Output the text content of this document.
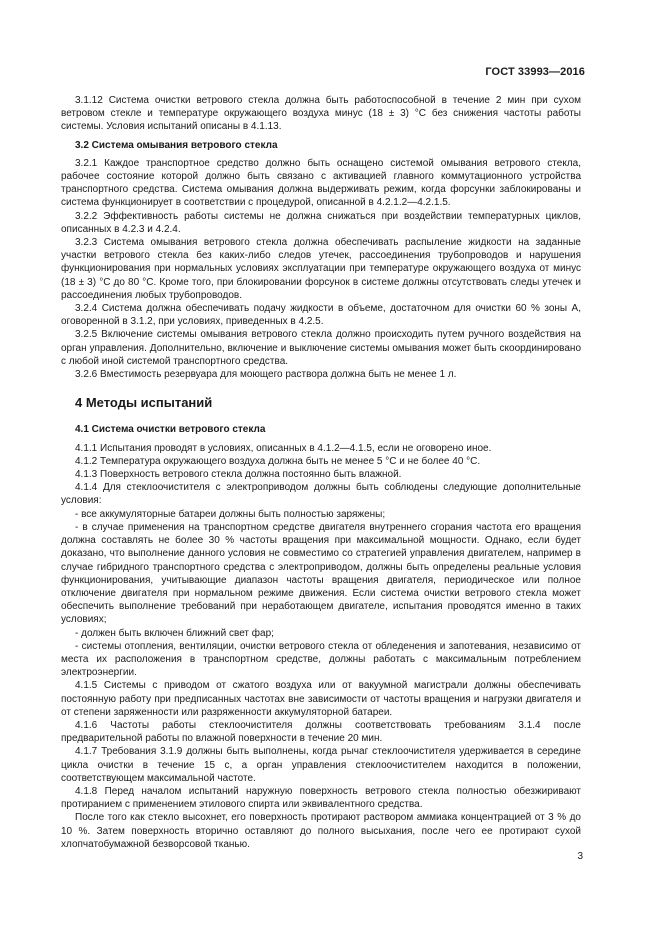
ГОСТ 33993—2016

3.1.12 Система очистки ветрового стекла должна быть работоспособной в течение 2 мин при сухом ветровом стекле и температуре окружающего воздуха минус (18 ± 3) °С без снижения частоты работы системы. Условия испытаний описаны в 4.1.13.

3.2 Система омывания ветрового стекла

3.2.1 Каждое транспортное средство должно быть оснащено системой омывания ветрового стекла, рабочее состояние которой должно быть связано с активацией главного коммутационного устройства транспортного средства. Система омывания должна выдерживать режим, когда форсунки заблокированы и система функционирует в соответствии с процедурой, описанной в 4.2.1.2—4.2.1.5.

3.2.2 Эффективность работы системы не должна снижаться при воздействии температурных циклов, описанных в 4.2.3 и 4.2.4.

3.2.3 Система омывания ветрового стекла должна обеспечивать распыление жидкости на заданные участки ветрового стекла без каких-либо следов утечек, рассоединения трубопроводов и нарушения функционирования при нормальных условиях эксплуатации при температуре окружающего воздуха от минус (18 ± 3) °С до 80 °С. Кроме того, при блокировании форсунок в системе должны отсутствовать следы утечек и рассоединения любых трубопроводов.

3.2.4 Система должна обеспечивать подачу жидкости в объеме, достаточном для очистки 60 % зоны А, оговоренной в 3.1.2, при условиях, приведенных в 4.2.5.

3.2.5 Включение системы омывания ветрового стекла должно происходить путем ручного воздействия на орган управления. Дополнительно, включение и выключение системы омывания может быть скоординировано с любой иной системой транспортного средства.

3.2.6 Вместимость резервуара для моющего раствора должна быть не менее 1 л.

4 Методы испытаний
4.1 Система очистки ветрового стекла

4.1.1 Испытания проводят в условиях, описанных в 4.1.2—4.1.5, если не оговорено иное.

4.1.2 Температура окружающего воздуха должна быть не менее 5 °С и не более 40 °С.

4.1.3 Поверхность ветрового стекла должна постоянно быть влажной.

4.1.4 Для стеклоочистителя с электроприводом должны быть соблюдены следующие дополнительные условия:

- все аккумуляторные батареи должны быть полностью заряжены;

- в случае применения на транспортном средстве двигателя внутреннего сгорания частота его вращения должна составлять не более 30 % частоты вращения при максимальной мощности. Однако, если будет доказано, что выполнение данного условия не совместимо со стратегией управления двигателем, например в случае гибридного транспортного средства с электроприводом, должны быть определены реальные условия функционирования, учитывающие диапазон частоты вращения двигателя, периодическое или полное отключение двигателя при нормальном режиме движения. Если система очистки ветрового стекла может обеспечить выполнение требований при неработающем двигателе, испытания проводятся именно в таких условиях;

- должен быть включен ближний свет фар;

- системы отопления, вентиляции, очистки ветрового стекла от обледенения и запотевания, независимо от места их расположения в транспортном средстве, должны работать с максимальным потреблением электроэнергии.

4.1.5 Системы с приводом от сжатого воздуха или от вакуумной магистрали должны обеспечивать постоянную работу при предписанных частотах вне зависимости от частоты вращения и нагрузки двигателя и от степени заряженности или разряженности аккумуляторной батареи.

4.1.6 Частоты работы стеклоочистителя должны соответствовать требованиям 3.1.4 после предварительной работы по влажной поверхности в течение 20 мин.

4.1.7 Требования 3.1.9 должны быть выполнены, когда рычаг стеклоочистителя удерживается в середине цикла очистки в течение 15 с, а орган управления стеклоочистителем находится в положении, соответствующем максимальной частоте.

4.1.8 Перед началом испытаний наружную поверхность ветрового стекла полностью обезжиривают протиранием с применением этилового спирта или эквивалентного средства.

После того как стекло высохнет, его поверхность протирают раствором аммиака концентрацией от 3 % до 10 %. Затем поверхность вторично оставляют до полного высыхания, после чего ее протирают сухой хлопчатобумажной безворсовой тканью.

3
